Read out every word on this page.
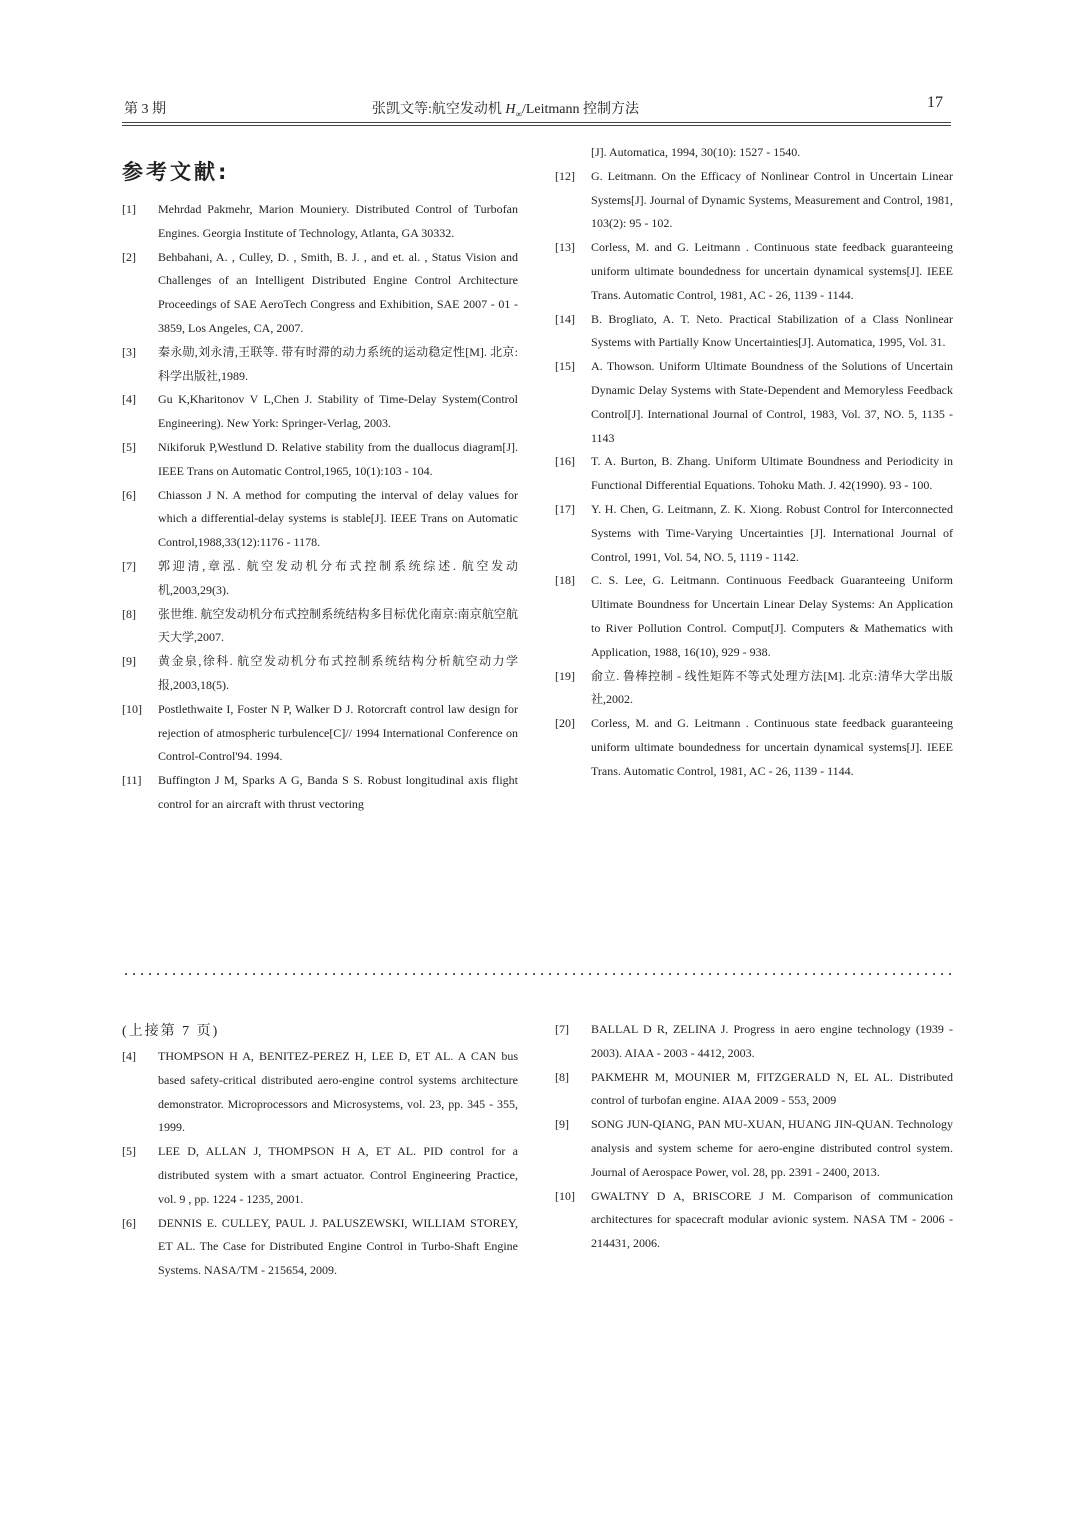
第 3 期	张凯文等:航空发动机 $H_\infty$/Leitmann 控制方法	17
参考文献:
[1] Mehrdad Pakmehr, Marion Mouniery. Distributed Control of Turbofan Engines. Georgia Institute of Technology, Atlanta, GA 30332.
[2] Behbahani, A. , Culley, D. , Smith, B. J. , and et. al. , Status Vision and Challenges of an Intelligent Distributed Engine Control Architecture Proceedings of SAE AeroTech Congress and Exhibition, SAE 2007 - 01 - 3859, Los Angeles, CA, 2007.
[3] 秦永勋,刘永清,王联等. 带有时滞的动力系统的运动稳定性[M]. 北京:科学出版社,1989.
[4] Gu K,Kharitonov V L,Chen J. Stability of Time-Delay System(Control Engineering). New York: Springer-Verlag, 2003.
[5] Nikiforuk P,Westlund D. Relative stability from the duallocus diagram[J]. IEEE Trans on Automatic Control,1965, 10(1):103 - 104.
[6] Chiasson J N. A method for computing the interval of delay values for which a differential-delay systems is stable[J]. IEEE Trans on Automatic Control,1988,33(12):1176 - 1178.
[7] 郭迎清,章泓. 航空发动机分布式控制系统综述. 航空发动机,2003,29(3).
[8] 张世维. 航空发动机分布式控制系统结构多目标优化南京:南京航空航天大学,2007.
[9] 黄金泉,徐科. 航空发动机分布式控制系统结构分析航空动力学报,2003,18(5).
[10] Postlethwaite I, Foster N P, Walker D J. Rotorcraft control law design for rejection of atmospheric turbulence[C]// 1994 International Conference on Control-Control'94. 1994.
[11] Buffington J M, Sparks A G, Banda S S. Robust longitudinal axis flight control for an aircraft with thrust vectoring
[J]. Automatica, 1994, 30(10): 1527 - 1540.
[12] G. Leitmann. On the Efficacy of Nonlinear Control in Uncertain Linear Systems[J]. Journal of Dynamic Systems, Measurement and Control, 1981, 103(2): 95 - 102.
[13] Corless, M. and G. Leitmann . Continuous state feedback guaranteeing uniform ultimate boundedness for uncertain dynamical systems[J]. IEEE Trans. Automatic Control, 1981, AC - 26, 1139 - 1144.
[14] B. Brogliato, A. T. Neto. Practical Stabilization of a Class Nonlinear Systems with Partially Know Uncertainties[J]. Automatica, 1995, Vol. 31.
[15] A. Thowson. Uniform Ultimate Boundness of the Solutions of Uncertain Dynamic Delay Systems with State-Dependent and Memoryless Feedback Control[J]. International Journal of Control, 1983, Vol. 37, NO. 5, 1135 - 1143
[16] T. A. Burton, B. Zhang. Uniform Ultimate Boundness and Periodicity in Functional Differential Equations. Tohoku Math. J. 42(1990). 93 - 100.
[17] Y. H. Chen, G. Leitmann, Z. K. Xiong. Robust Control for Interconnected Systems with Time-Varying Uncertainties [J]. International Journal of Control, 1991, Vol. 54, NO. 5, 1119 - 1142.
[18] C. S. Lee, G. Leitmann. Continuous Feedback Guaranteeing Uniform Ultimate Boundness for Uncertain Linear Delay Systems: An Application to River Pollution Control. Comput[J]. Computers & Mathematics with Application, 1988, 16(10), 929 - 938.
[19] 俞立. 鲁棒控制 - 线性矩阵不等式处理方法[M]. 北京:清华大学出版社,2002.
[20] Corless, M. and G. Leitmann . Continuous state feedback guaranteeing uniform ultimate boundedness for uncertain dynamical systems[J]. IEEE Trans. Automatic Control, 1981, AC - 26, 1139 - 1144.
(上接第 7 页)
[4] THOMPSON H A, BENITEZ-PEREZ H, LEE D, ET AL. A CAN bus based safety-critical distributed aero-engine control systems architecture demonstrator. Microprocessors and Microsystems, vol. 23, pp. 345 - 355, 1999.
[5] LEE D, ALLAN J, THOMPSON H A, ET AL. PID control for a distributed system with a smart actuator. Control Engineering Practice, vol. 9 , pp. 1224 - 1235, 2001.
[6] DENNIS E. CULLEY, PAUL J. PALUSZEWSKI, WILLIAM STOREY, ET AL. The Case for Distributed Engine Control in Turbo-Shaft Engine Systems. NASA/TM - 215654, 2009.
[7] BALLAL D R, ZELINA J. Progress in aero engine technology (1939 - 2003). AIAA - 2003 - 4412, 2003.
[8] PAKMEHR M, MOUNIER M, FITZGERALD N, EL AL. Distributed control of turbofan engine. AIAA 2009 - 553, 2009
[9] SONG JUN-QIANG, PAN MU-XUAN, HUANG JIN-QUAN. Technology analysis and system scheme for aero-engine distributed control system. Journal of Aerospace Power, vol. 28, pp. 2391 - 2400, 2013.
[10] GWALTNY D A, BRISCORE J M. Comparison of communication architectures for spacecraft modular avionic system. NASA TM - 2006 - 214431, 2006.
